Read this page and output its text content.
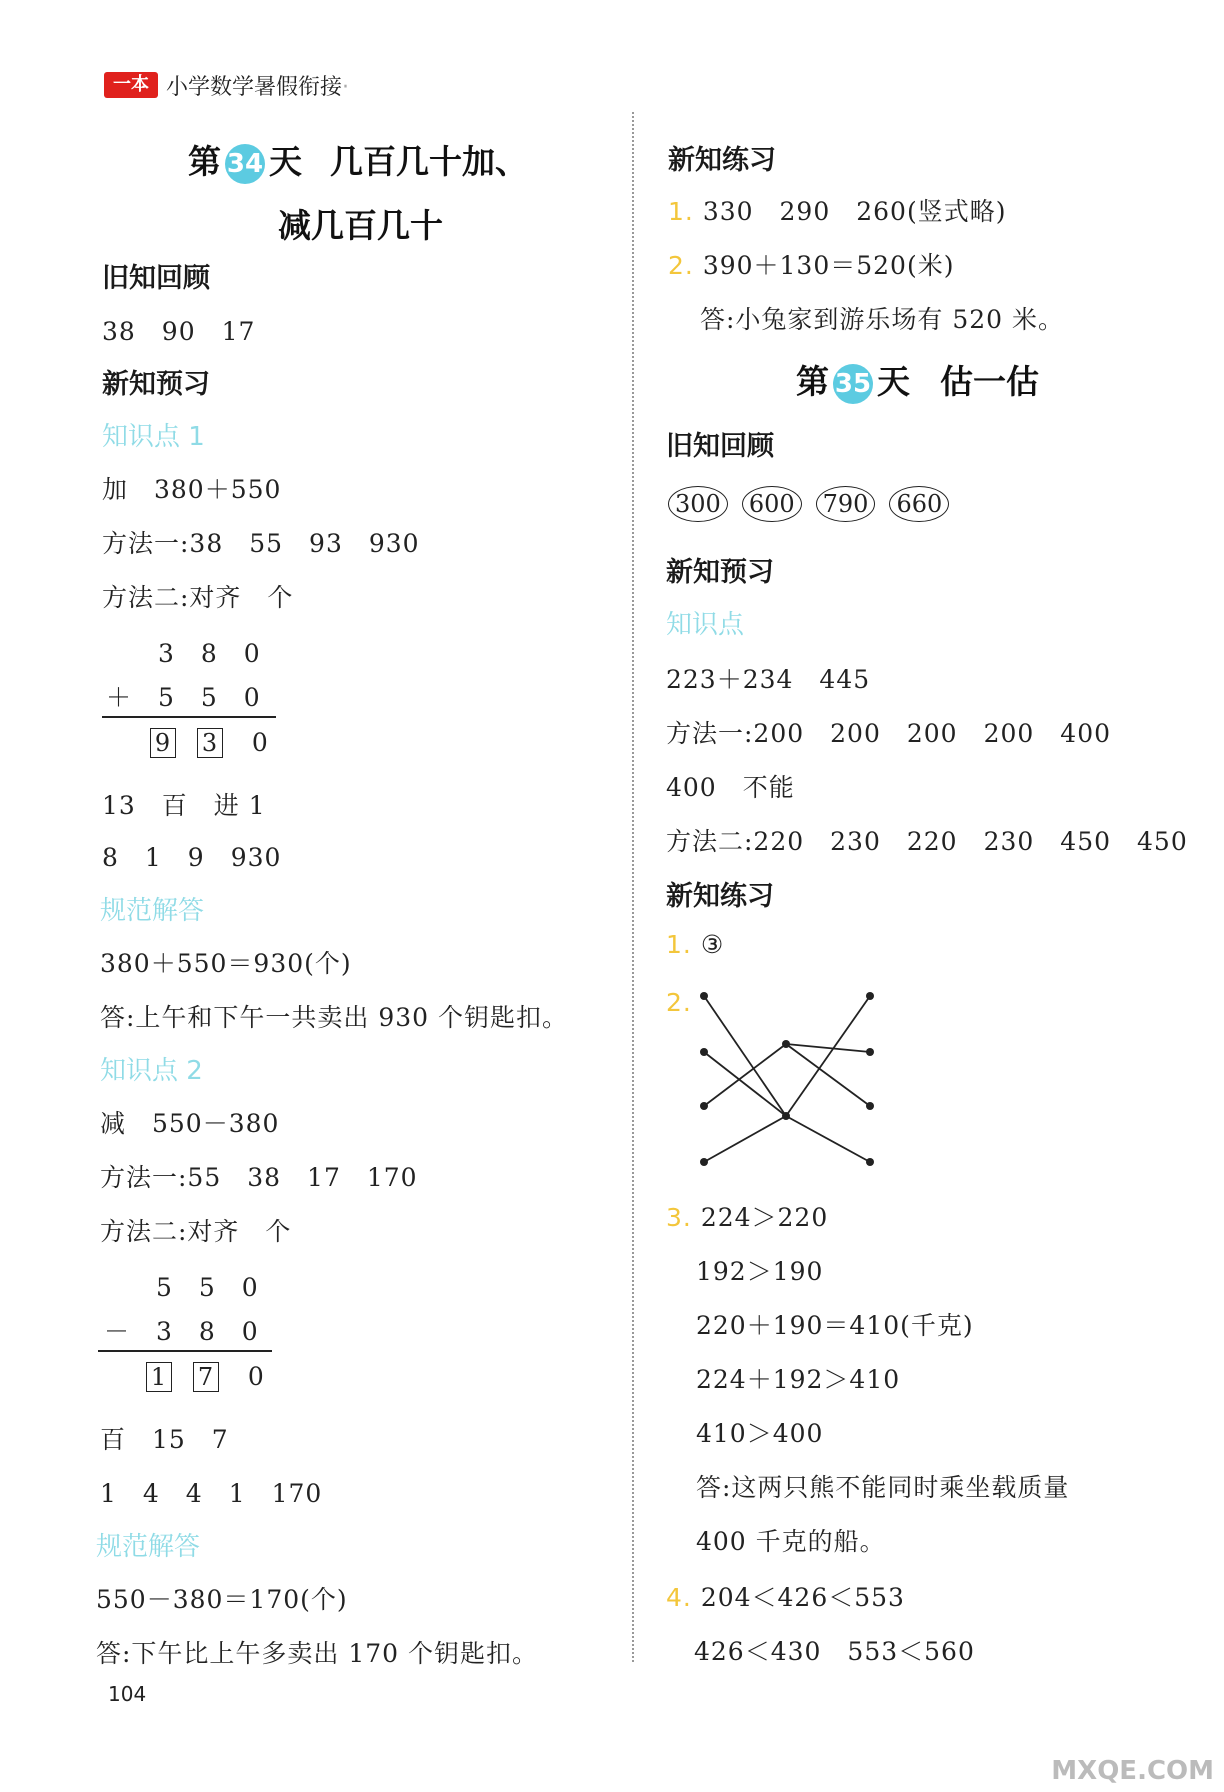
一本 小学数学暑假衔接·
第 34 天 几百几十加、
减几百几十
旧知回顾
38　90　17
新知预习
知识点 1
加　380＋550
方法一:38　55　93　930
方法二:对齐　个
3　8　0
＋ 5　5　0
9 3 0
13　百　进 1
8　1　9　930
规范解答
380＋550＝930(个)
答:上午和下午一共卖出 930 个钥匙扣。
知识点 2
减　550－380
方法一:55　38　17　170
方法二:对齐　个
5　5　0
－ 3　8　0
1 7 0
百　15　7
1　4　4　1　170
规范解答
550－380＝170(个)
答:下午比上午多卖出 170 个钥匙扣。
104
新知练习
1. 330　290　260(竖式略)
2. 390＋130＝520(米)
答:小兔家到游乐场有 520 米。
第 35 天 估一估
旧知回顾
300 600 790 660
新知预习
知识点
223＋234　445
方法一:200　200　200　200　400
400　不能
方法二:220　230　220　230　450　450
新知练习
1. ③
2.
3. 224＞220
192＞190
220＋190＝410(千克)
224＋192＞410
410＞400
答:这两只熊不能同时乘坐载质量
400 千克的船。
4. 204＜426＜553
426＜430　553＜560
MXQE.COM
